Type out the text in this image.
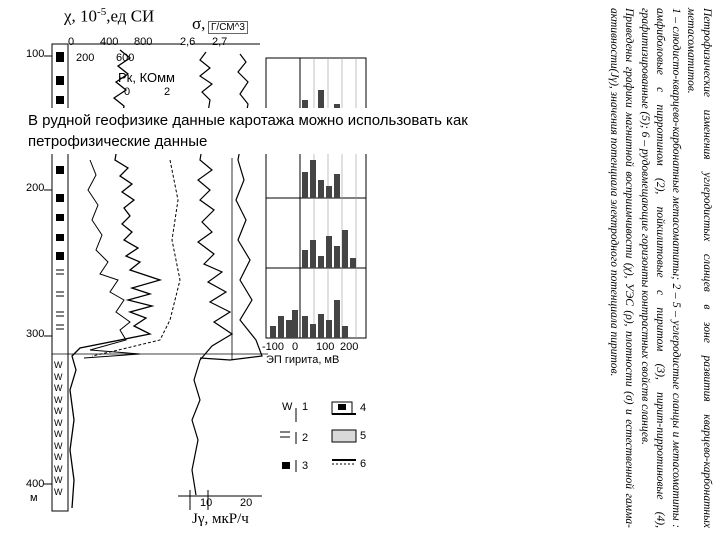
χ, $10^{-5},ед$ СИ
0 400 800
200 600
σ, Г/СМ^3
2,6 2,7
Рк, КОмм
0	2
100
200
300
400
м
W
W
W
W
W
W
W
W
W
W
W
W
-100 0 100 200
ЭП гирита, мВ
10	20
Jγ, мкР/ч
W 1
2
3
4
5
6
В рудной геофизике данные каротажа можно использовать как петрофизические данные	Петрофизические изменения углеродистых сланцев в зоне развития кварцево-карбонатных метасоматитов.

1 – слюдисто-кварцево-карбонатные метасоматиты; 2 – 5 – углеродистые сланцы и метасоматиты : амфиболовые с пирротином (2), пойкилитовые с пиритом (3), пирит-пирротиновые (4), графитизированные (5); 6 – рудовмещающие горизонты контрастных свойств сланцев.

Приведены графики магнитной восприимчивости (χ), УЭС (ρ), плотности (σ) и естественной гамма-активности(Jγ), значения потенциала электродного потенциала пиритов.
